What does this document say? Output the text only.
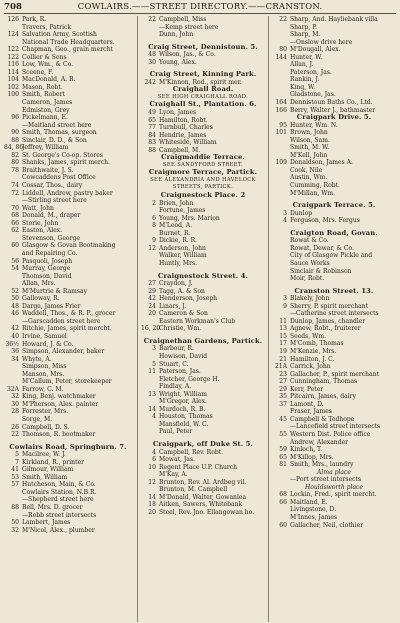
708	COWLAIRS.——STREET DIRECTORY.——CRANSTON.
126 Park, R.
Travers, Patrick
124 Salvation Army, Scottish
National Trade Headquarters.
122 Chapman, Geo., grain mercht
122 Collier & Sons
116 Low, Wm., & Co.
114 Sceene, F.
104 MacDonald, A. B.
102 Mason, Robt.
100 Smith, Robert
Cameron, James
Edmiston, Grey
96 Pickelmann, E.
—Maitland street here
90 Smith, Thomas, surgeon
88 Sinclair, D. D., & Son
84, 86Jeffrey, William
82 St. George's Co-op. Stores
80 Shanks, James, spirit merch.
78 Braithwaite, J. S.
Cowcaddens Post Office
74 Cossar, Thos., dairy
72 Liddell, Andrew, pastry baker
—Stirling street here
70 Watt, John
68 Donald, M., draper
66 Storie, John
62 Easton, Alex.
Stevenson, George
60 Glasgow & Govan Bootmaking
and Repairing Co.
56 Pasquoli, Joseph
54 Murray, George
Thomson, David
Allan, Mrs.
52 M'Murtrie & Ramsay
50 Galloway, R.
48 Darge, James Frier
46 Waddell, Thos., & R. P., grocer
—Garscadden street here
42 Ritchie, James, spirit mercht.
40 Irvine, Samuel
36½ Howard, J. & Co.
36 Simpson, Alexander, baker
34 Whyte, A.
Simpson, Miss
Manson, Mrs.
M'Callum, Peter, storekeeper
32A Farrow, C. M.
32 King, Benj. watchmaker
30 M'Pherson, Alex. painter
28 Forrester, Mrs.
Sorge, M.
26 Campbell, D. S.
22 Thomson, R. bootmaker
Cowlairs Road, Springburn. 7.
5 Macilree, W. J.
7 Kirkland, R., printer
41 Gilmour, William
53 Smith, William
57 Hutcheson, Main, & Co.
Cowlairs Station, N.B.R.
—Shepherd street here
88 Bell, Mrs. D. grocer
—Robb street intersects
50 Lambert, James
32 M'Nicol, Alex., plumber
22 Campbell, Miss
—Kemp street here
Dunn, John
Craig Street, Dennistoun. 5.
48 Wilson, Jas., & Co.
30 Young, Alex.
Craig Street, Kinning Park.
242 M'Kinnon, Rod., spirit mer.
Craighall Road.
SEE HIGH CRAIGHALL ROAD.
Craighall St., Plantation. 6.
49 Lyon, James
65 Hamilton, Robt.
77 Turnbull, Charles
84 Hendrie, James
83 Whiteside, William
88 Campbell, M.
Craigmaddie Terrace.
SEE SANDYFORD STREET.
Craigmore Terrace, Partick.
SEE ALEXANDRIA AND HAVELOCK
STREETS, PARTICK.
Craignestock Place. 2
2 Brien, John
Fortune, James
6 Young, Mrs. Marion
8 M'Leod, A.
Burnet, R.
9 Dickie, R. R.
12 Anderson, John
Walker, William
Huntly, Mrs.
Craignestock Street. 4.
27 Craydon, J.
29 Tagg, A. & Son
42 Henderson, Joseph
24 Linars, J.
20 Cameron & Son
Eastern Workman's Club
16, 20Christie, Wm.
Craignethan Gardens, Partick.
3 Barbour, R.
Howison, David
5 Stuart, C.
11 Paterson, Jas.
Fletcher, George H.
Findlay, A.
13 Wright, William
M'Gregor, Alex.
14 Murdoch, R. B.
4 Houston, Thomas
Mansfield, W. C.
Paul, Peter
Craigpark, off Duke St. 5.
4 Campbell, Rev. Robt.
6 Mowat, Jas.
10 Regent Place U.P. Church
M'Kay, A.
12 Brunton, Rev. Al. Ardbeg vil.
Brunton, M. Campbell
14 M'Donald, Walter, Gowanlea
18 Aitken, Sawers, Whitebank
20 Steel, Rev. Jno. Ellangowan ho.
22 Sharp, And. Hayliebank villa
Sharp, P.
Sharp, M.
—Onslow drive here
80 M'Dougall, Alex.
144 Hunter, W.
Allan, J.
Paterson, Jas.
Rankin, J.
King, W.
Gladstone, Jas.
164 Dennistoun Baths Co., Ltd.
166 Berry, Walter J., bathmaster
Craigpark Drive. 5.
95 Hunter, Wm. N.
101 Brown, John
Wilson, Sam.
Smith, M. W.
M'Kell, John
109 Donaldson, James A.
Cook, Nile
Austin, Wm.
Cumming, Robt.
M'Millan, Wm.
Craigpark Terrace. 5.
3 Dunlop
4 Ferguson, Mrs. Fergus
Craigton Road, Govan.
Rowat & Co.
Rowat, Dewar, & Co.
City of Glasgow Pickle and
Sauce Works
Sinclair & Robinson
Moir, Robt.
Cranston Street. 13.
3 Blakely, John
9 Sherry, P. spirit merchant
—Catherine street intersects
11 Dunlop, James, chandler
13 Agnew, Robt., fruiterer
15 Seeds, Wm.
17 M'Comb, Thomas
19 M'Kenzie, Mrs.
21 Hamilton, J. C.
21A Carrick, John
23 Gallacher, P., spirit merchant
27 Cunningham, Thomas
29 Kerr, Peter
35 Pitcairn, James, dairy
37 Lamont, D.
Fraser, James
45 Campbell & Tedhope
—Lancefield street intersects
55 Western Dist. Police office
Andrew, Alexander
59 Kinloch, T.
65 M'Killop, Mrs.
81 Smith, Mrs., laundry
Alma place
—Port street intersects
Houldsworth place
68 Lockin, Fred., spirit mercht.
66 Maitland, E.
Livingstone, D.
M'Innes, James
60 Gallacher, Neil, clothier
